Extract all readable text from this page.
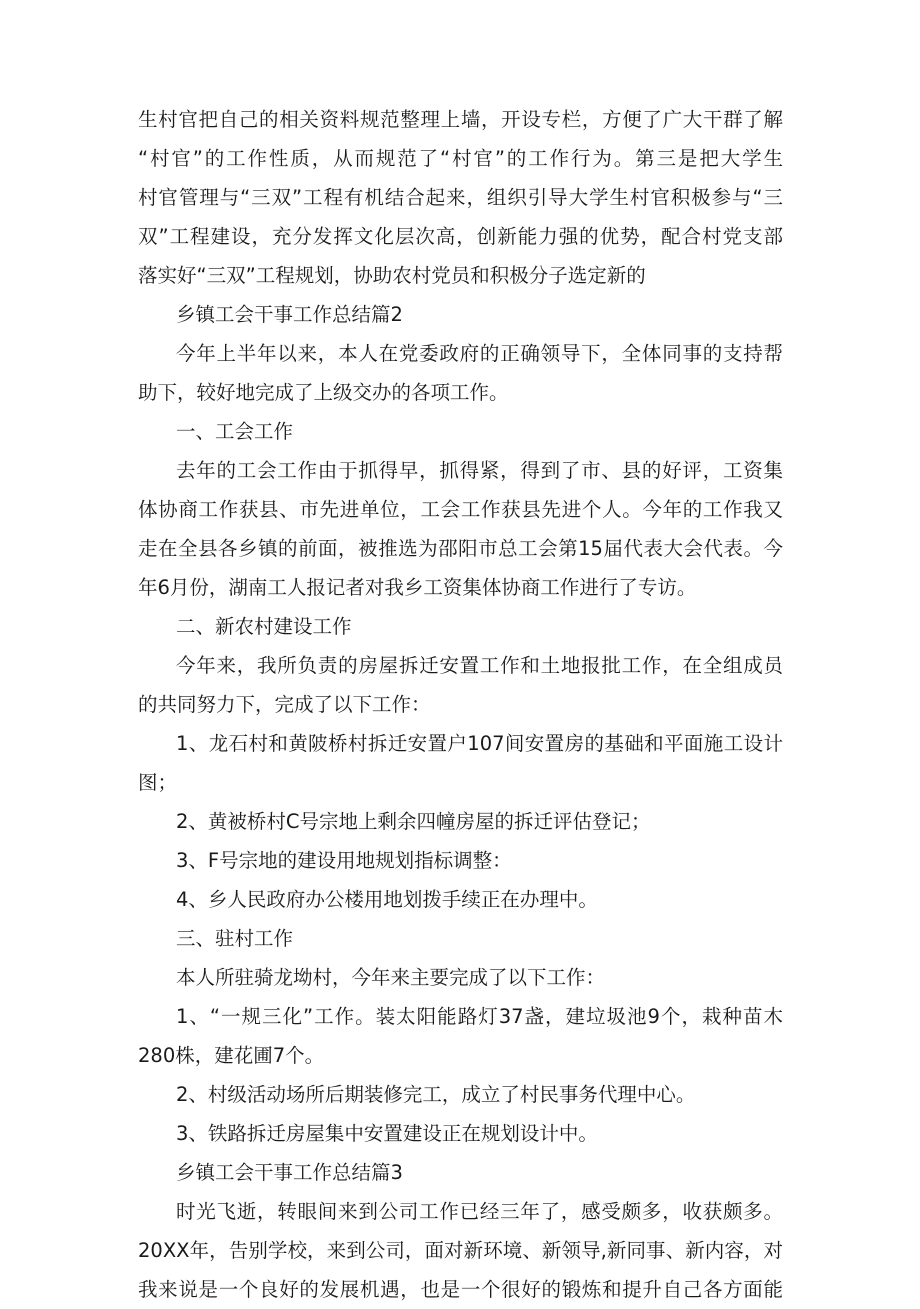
生村官把自己的相关资料规范整理上墙，开设专栏，方便了广大干群了解
“村官”的工作性质，从而规范了“村官”的工作行为。第三是把大学生
村官管理与“三双”工程有机结合起来，组织引导大学生村官积极参与“三
双”工程建设，充分发挥文化层次高，创新能力强的优势，配合村党支部
落实好“三双”工程规划，协助农村党员和积极分子选定新的
乡镇工会干事工作总结篇2
今年上半年以来，本人在党委政府的正确领导下，全体同事的支持帮
助下，较好地完成了上级交办的各项工作。
一、工会工作
去年的工会工作由于抓得早，抓得紧，得到了市、县的好评，工资集
体协商工作获县、市先进单位，工会工作获县先进个人。今年的工作我又
走在全县各乡镇的前面，被推选为邵阳市总工会第15届代表大会代表。今
年6月份，湖南工人报记者对我乡工资集体协商工作进行了专访。
二、新农村建设工作
今年来，我所负责的房屋拆迁安置工作和土地报批工作，在全组成员
的共同努力下，完成了以下工作：
1、龙石村和黄陂桥村拆迁安置户107间安置房的基础和平面施工设计
图；
2、黄被桥村C号宗地上剩余四幢房屋的拆迁评估登记；
3、F号宗地的建设用地规划指标调整：
4、乡人民政府办公楼用地划拨手续正在办理中。
三、驻村工作
本人所驻骑龙坳村，今年来主要完成了以下工作：
1、“一规三化”工作。装太阳能路灯37盏，建垃圾池9个，栽种苗木
280株，建花圃7个。
2、村级活动场所后期装修完工，成立了村民事务代理中心。
3、铁路拆迁房屋集中安置建设正在规划设计中。
乡镇工会干事工作总结篇3
时光飞逝，转眼间来到公司工作已经三年了，感受颇多，收获颇多。
20XX年，告别学校，来到公司，面对新环境、新领导,新同事、新内容，对
我来说是一个良好的发展机遇，也是一个很好的锻炼和提升自己各方面能
